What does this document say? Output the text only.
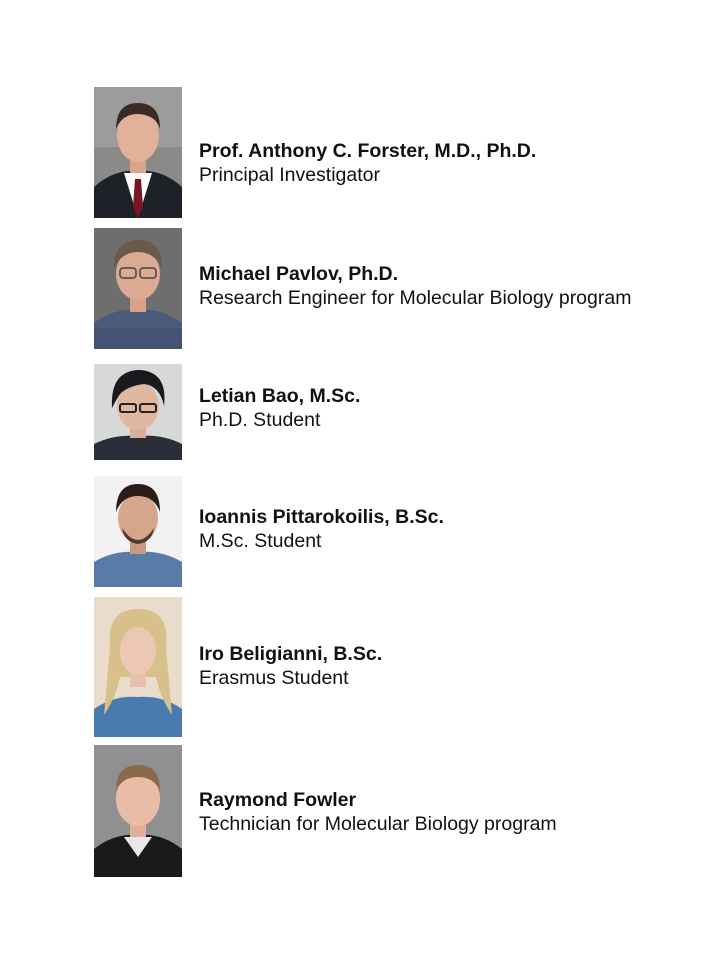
Prof. Anthony C. Forster, M.D., Ph.D.
Principal Investigator
Michael Pavlov, Ph.D.
Research Engineer for Molecular Biology program
Letian Bao, M.Sc.
Ph.D. Student
Ioannis Pittarokoilis, B.Sc.
M.Sc. Student
Iro Beligianni, B.Sc.
Erasmus Student
Raymond Fowler
Technician for Molecular Biology program
